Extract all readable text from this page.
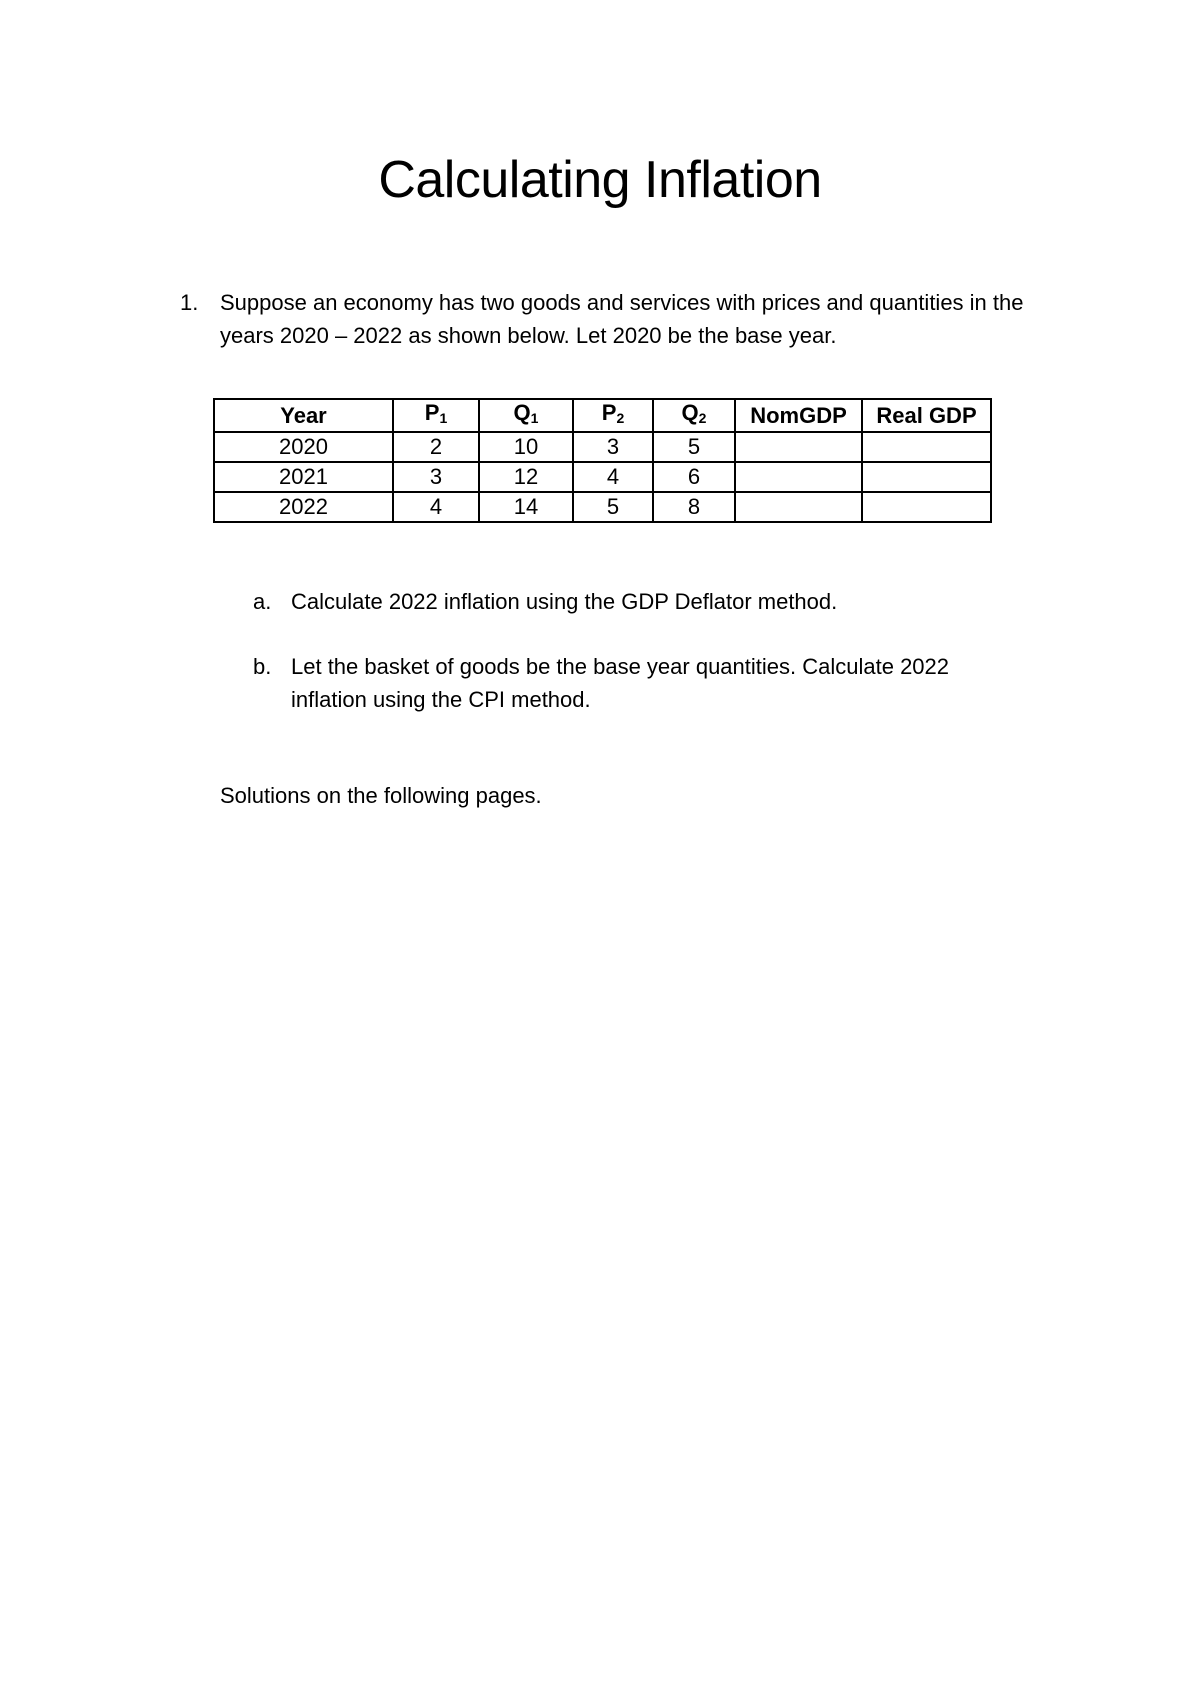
Calculating Inflation
1. Suppose an economy has two goods and services with prices and quantities in the years 2020 – 2022 as shown below. Let 2020 be the base year.
Year	$P_1$	$Q_1$	$P_2$	$Q_2$	NomGDP	Real GDP
2020	2	10	3	5		
2021	3	12	4	6		
2022	4	14	5	8		
a. Calculate 2022 inflation using the GDP Deflator method.
b. Let the basket of goods be the base year quantities. Calculate 2022 inflation using the CPI method.
Solutions on the following pages.
